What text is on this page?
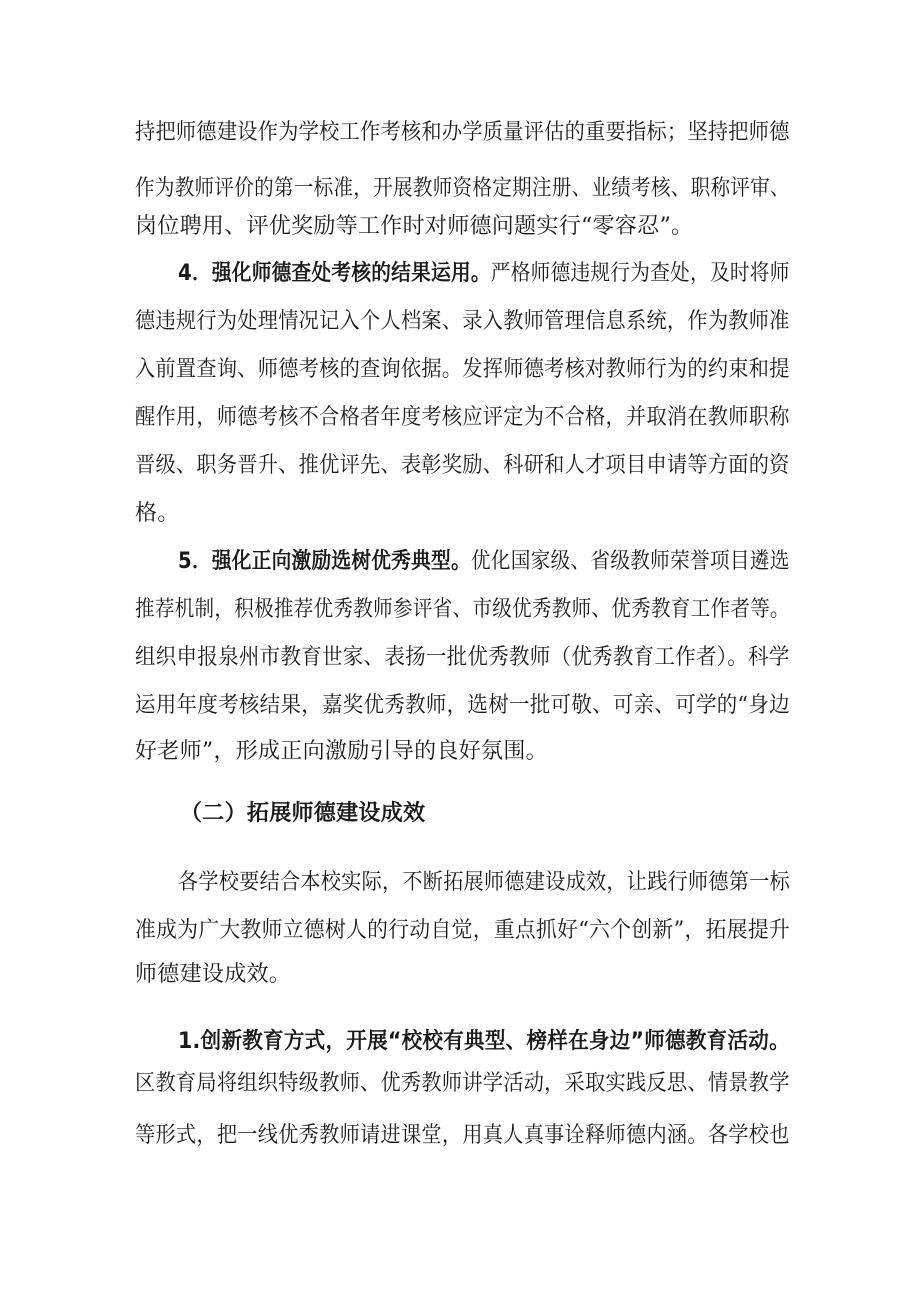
持把师德建设作为学校工作考核和办学质量评估的重要指标；坚持把师德
作为教师评价的第一标准，开展教师资格定期注册、业绩考核、职称评审、
岗位聘用、评优奖励等工作时对师德问题实行“零容忍”。
4．强化师德查处考核的结果运用。严格师德违规行为查处，及时将师
德违规行为处理情况记入个人档案、录入教师管理信息系统，作为教师准
入前置查询、师德考核的查询依据。发挥师德考核对教师行为的约束和提
醒作用，师德考核不合格者年度考核应评定为不合格，并取消在教师职称
晋级、职务晋升、推优评先、表彰奖励、科研和人才项目申请等方面的资
格。
5．强化正向激励选树优秀典型。优化国家级、省级教师荣誉项目遴选
推荐机制，积极推荐优秀教师参评省、市级优秀教师、优秀教育工作者等。
组织申报泉州市教育世家、表扬一批优秀教师（优秀教育工作者）。科学
运用年度考核结果，嘉奖优秀教师，选树一批可敬、可亲、可学的“身边
好老师”，形成正向激励引导的良好氛围。
（二）拓展师德建设成效
各学校要结合本校实际，不断拓展师德建设成效，让践行师德第一标
准成为广大教师立德树人的行动自觉，重点抓好“六个创新”，拓展提升
师德建设成效。
1.创新教育方式，开展“校校有典型、榜样在身边”师德教育活动。
区教育局将组织特级教师、优秀教师讲学活动，采取实践反思、情景教学
等形式，把一线优秀教师请进课堂，用真人真事诠释师德内涵。各学校也
